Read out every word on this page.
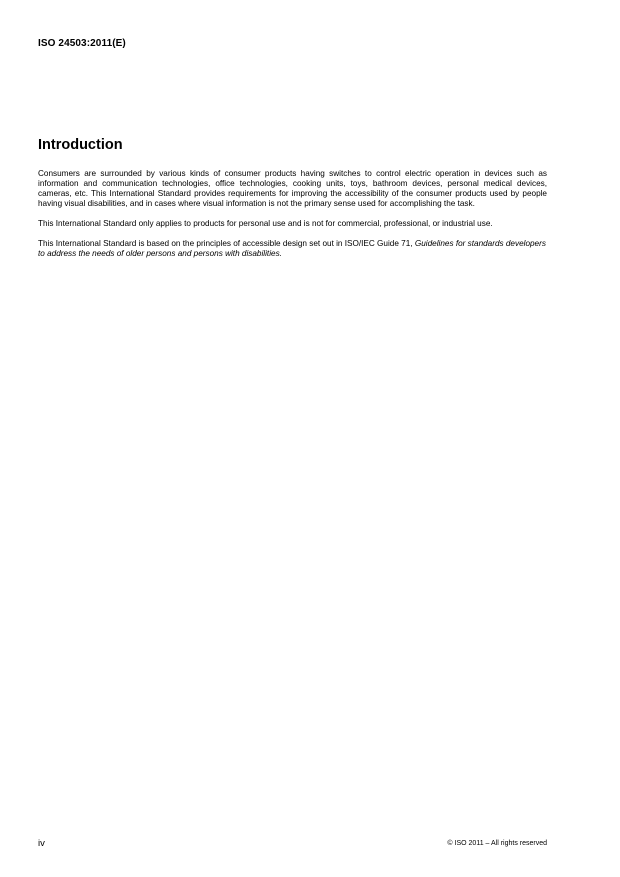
ISO 24503:2011(E)
Introduction

Consumers are surrounded by various kinds of consumer products having switches to control electric operation in devices such as information and communication technologies, office technologies, cooking units, toys, bathroom devices, personal medical devices, cameras, etc. This International Standard provides requirements for improving the accessibility of the consumer products used by people having visual disabilities, and in cases where visual information is not the primary sense used for accomplishing the task.

This International Standard only applies to products for personal use and is not for commercial, professional, or industrial use.

This International Standard is based on the principles of accessible design set out in ISO/IEC Guide 71, Guidelines for standards developers to address the needs of older persons and persons with disabilities.

iv	© ISO 2011 – All rights reserved
